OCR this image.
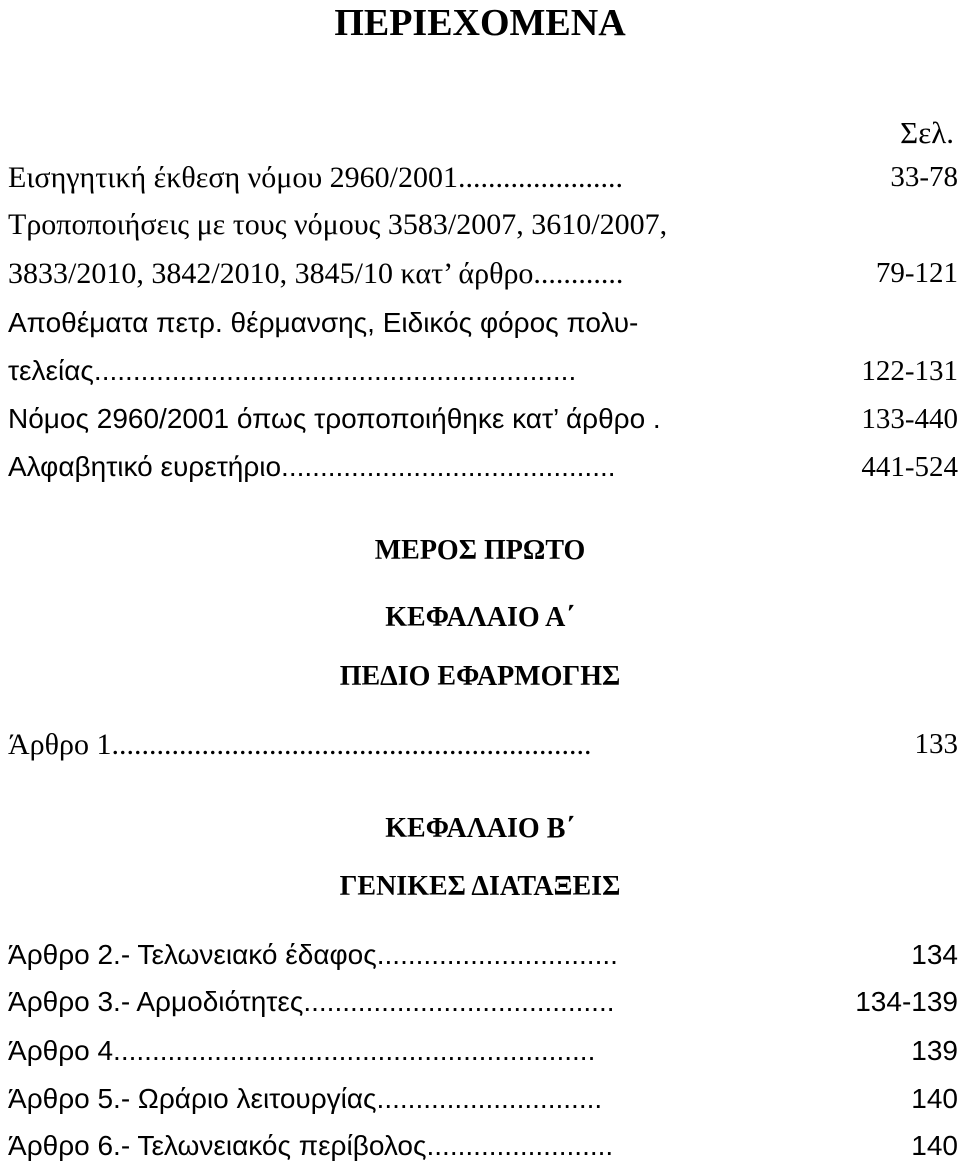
ΠΕΡΙΕΧΟΜΕΝΑ
Σελ.
Εισηγητική έκθεση νόμου 2960/2001......................	33-78
Τροποποιήσεις με τους νόμους 3583/2007, 3610/2007,
3833/2010, 3842/2010, 3845/10 κατ’ άρθρο............	79-121
Αποθέματα πετρ. θέρμανσης, Ειδικός φόρος πολυ-
τελείας..............................................................	122-131
Νόμος 2960/2001 όπως τροποποιήθηκε κατ’ άρθρο .	133-440
Αλφαβητικό ευρετήριο...........................................	441-524
ΜΕΡΟΣ ΠΡΩΤΟ
ΚΕΦΑΛΑΙΟ Α΄
ΠΕΔΙΟ ΕΦΑΡΜΟΓΗΣ
Άρθρο 1................................................................	133
ΚΕΦΑΛΑΙΟ Β΄
ΓΕΝΙΚΕΣ ΔΙΑΤΑΞΕΙΣ
Άρθρο 2.- Τελωνειακό έδαφος...............................	134
Άρθρο 3.- Αρμοδιότητες........................................	134-139
Άρθρο 4..............................................................	139
Άρθρο 5.- Ωράριο λειτουργίας.............................	140
Άρθρο 6.- Τελωνειακός περίβολος........................	140
